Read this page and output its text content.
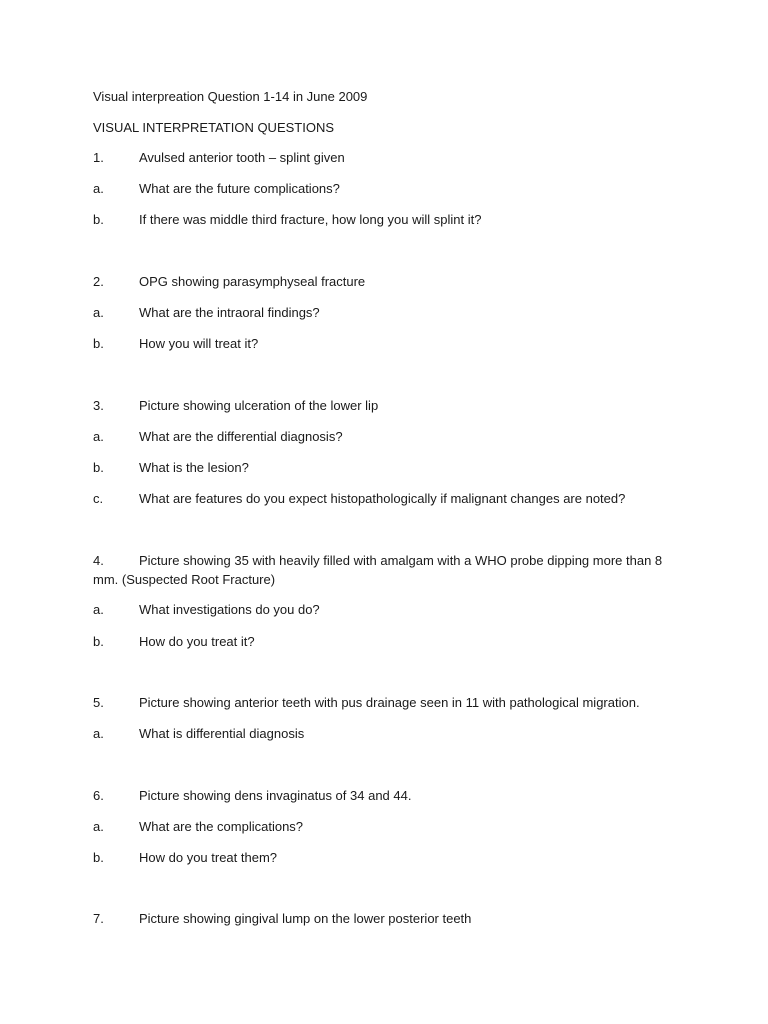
Visual interpreation Question 1-14 in June 2009
VISUAL INTERPRETATION QUESTIONS
1.	Avulsed anterior tooth – splint given
a.	What are the future complications?
b.	If there was middle third fracture, how long you will splint it?
2.	OPG showing parasymphyseal fracture
a.	What are the intraoral findings?
b.	How you will treat it?
3.	Picture showing ulceration of the lower lip
a.	What are the differential diagnosis?
b.	What is the lesion?
c.	What are features do you expect histopathologically if malignant changes are noted?
4.	Picture showing 35 with heavily filled with amalgam with a WHO probe dipping more than 8
mm. (Suspected Root Fracture)
a.	What investigations do you do?
b.	How do you treat it?
5.	Picture showing anterior teeth with pus drainage seen in 11 with pathological migration.
a.	What is differential diagnosis
6.	Picture showing dens invaginatus of 34 and 44.
a.	What are the complications?
b.	How do you treat them?
7.	Picture showing gingival lump on the lower posterior teeth
